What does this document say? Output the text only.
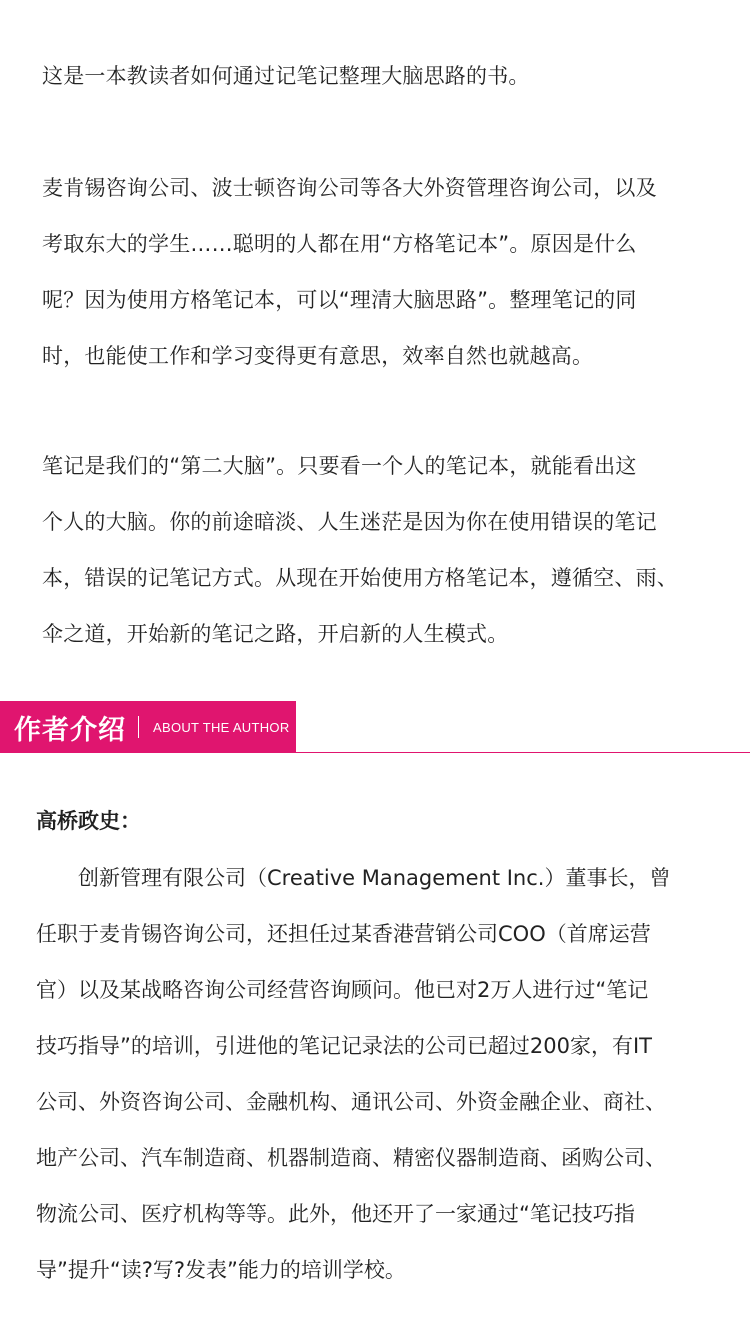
这是一本教读者如何通过记笔记整理大脑思路的书。

麦肯锡咨询公司、波士顿咨询公司等各大外资管理咨询公司，以及
考取东大的学生……聪明的人都在用“方格笔记本”。原因是什么
呢？因为使用方格笔记本，可以“理清大脑思路”。整理笔记的同
时，也能使工作和学习变得更有意思，效率自然也就越高。

笔记是我们的“第二大脑”。只要看一个人的笔记本，就能看出这
个人的大脑。你的前途暗淡、人生迷茫是因为你在使用错误的笔记
本，错误的记笔记方式。从现在开始使用方格笔记本，遵循空、雨、
伞之道，开始新的笔记之路，开启新的人生模式。

作者介绍 ABOUT THE AUTHOR
高桥政史：

　　创新管理有限公司（Creative Management Inc.）董事长，曾
任职于麦肯锡咨询公司，还担任过某香港营销公司COO（首席运营
官）以及某战略咨询公司经营咨询顾问。他已对2万人进行过“笔记
技巧指导”的培训，引进他的笔记记录法的公司已超过200家，有IT
公司、外资咨询公司、金融机构、通讯公司、外资金融企业、商社、
地产公司、汽车制造商、机器制造商、精密仪器制造商、函购公司、
物流公司、医疗机构等等。此外，他还开了一家通过“笔记技巧指
导”提升“读?写?发表”能力的培训学校。
